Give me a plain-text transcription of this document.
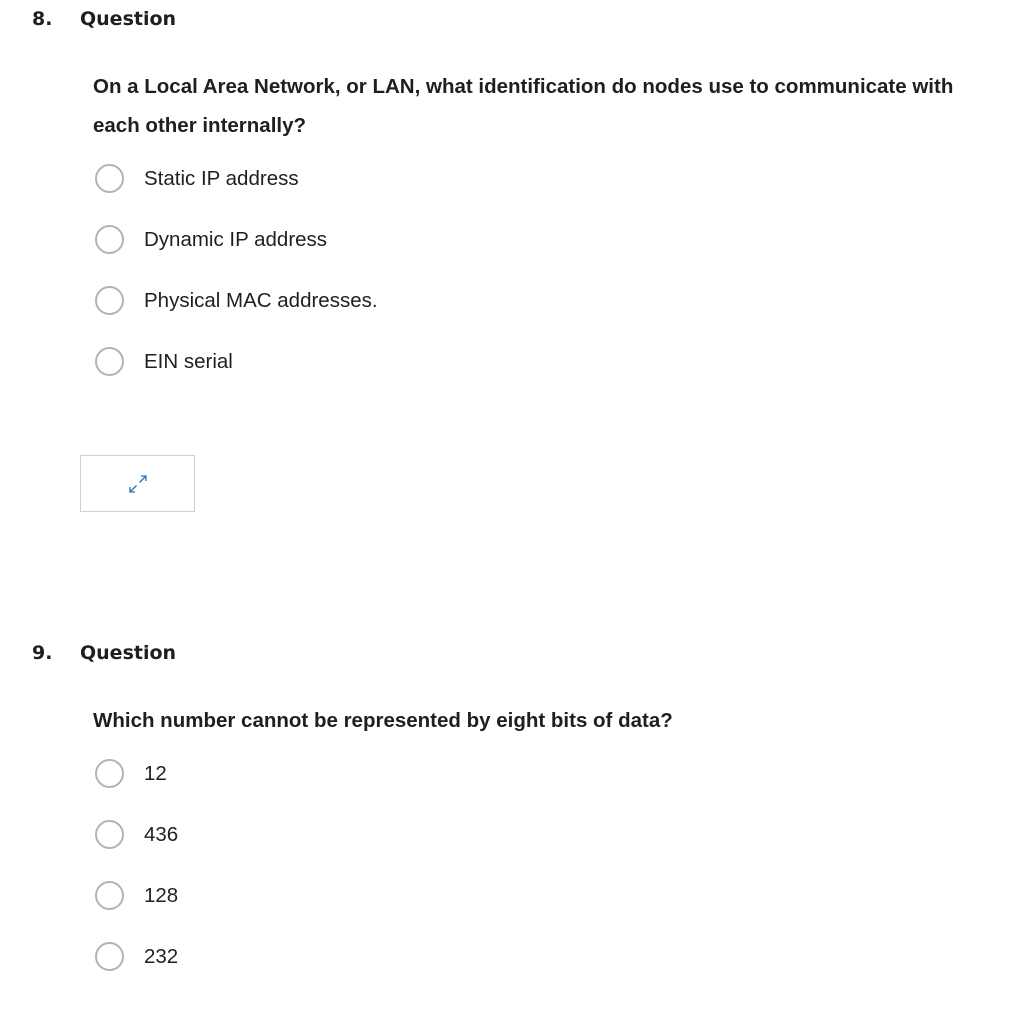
8.	Question
On a Local Area Network, or LAN, what identification do nodes use to communicate with each other internally?
Static IP address
Dynamic IP address
Physical MAC addresses.
EIN serial
9.	Question
Which number cannot be represented by eight bits of data?
12
436
128
232
